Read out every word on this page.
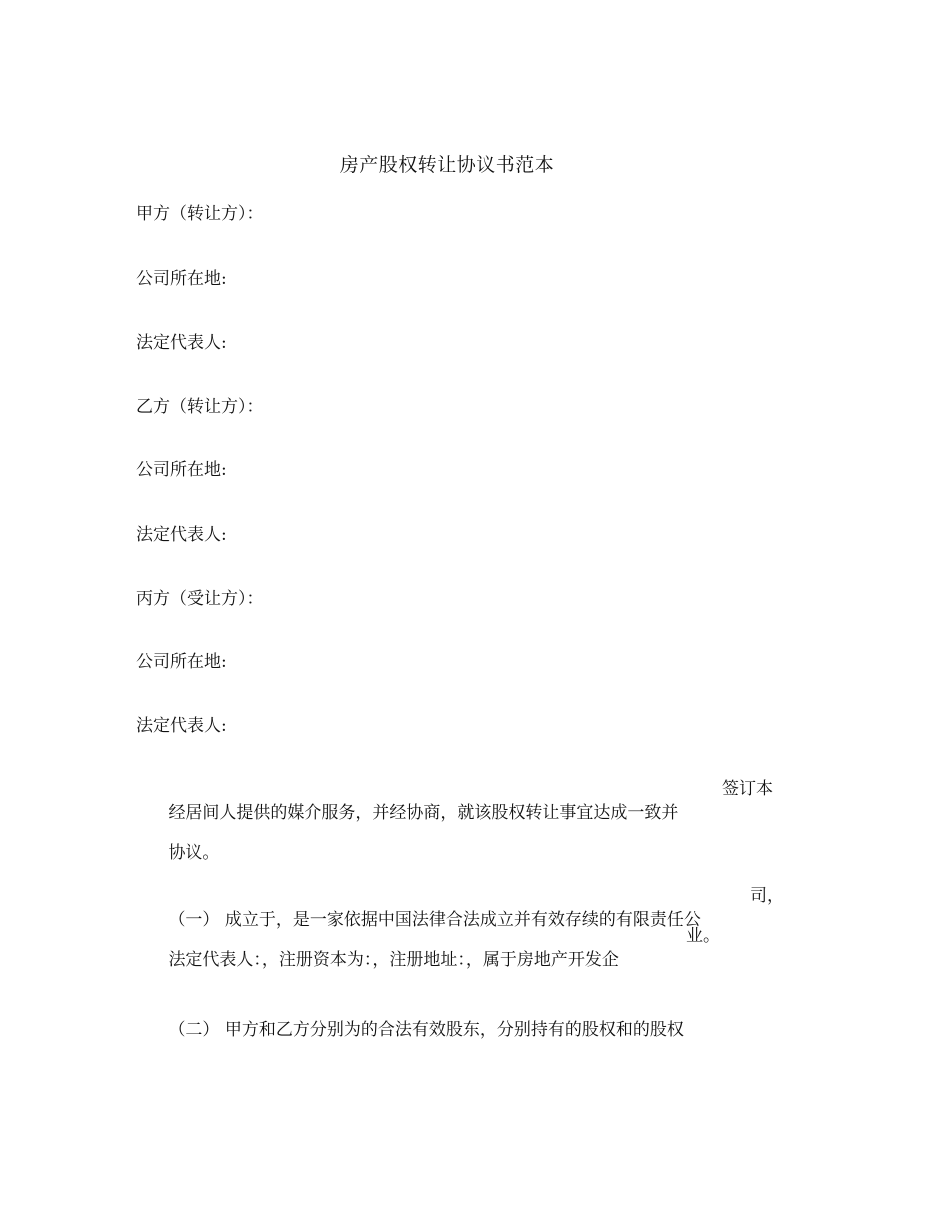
房产股权转让协议书范本
甲方（转让方）：
公司所在地:
法定代表人:
乙方（转让方）：
公司所在地:
法定代表人:
丙方（受让方）：
公司所在地:
法定代表人:

经居间人提供的媒介服务，并经协商，就该股权转让事宜达成一致并

签订本

协议。

（一） 成立于，是一家依据中国法律合法成立并有效存续的有限责任公

司，

法定代表人：，注册资本为：，注册地址：，属于房地产开发企

业。

（二） 甲方和乙方分别为的合法有效股东，分别持有的股权和的股权
